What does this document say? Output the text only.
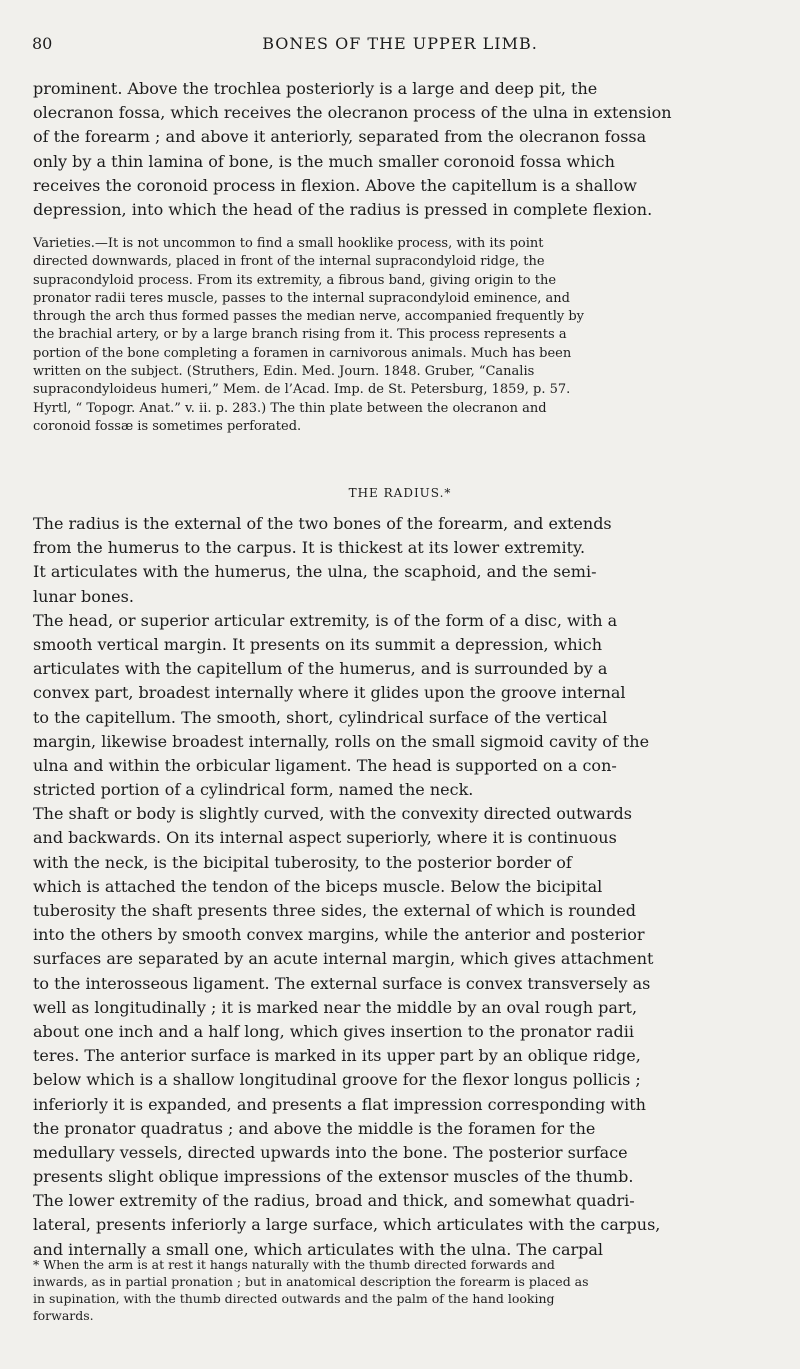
80	BONES OF THE UPPER LIMB.
prominent. Above the trochlea posteriorly is a large and deep pit, the
olecranon fossa, which receives the olecranon process of the ulna in extension
of the forearm ; and above it anteriorly, separated from the olecranon fossa
only by a thin lamina of bone, is the much smaller coronoid fossa which
receives the coronoid process in flexion. Above the capitellum is a shallow
depression, into which the head of the radius is pressed in complete flexion.
Varieties.—It is not uncommon to find a small hooklike process, with its point
directed downwards, placed in front of the internal supracondyloid ridge, the
supracondyloid process. From its extremity, a fibrous band, giving origin to the
pronator radii teres muscle, passes to the internal supracondyloid eminence, and
through the arch thus formed passes the median nerve, accompanied frequently by
the brachial artery, or by a large branch rising from it. This process represents a
portion of the bone completing a foramen in carnivorous animals. Much has been
written on the subject. (Struthers, Edin. Med. Journ. 1848. Gruber, “Canalis
supracondyloideus humeri,” Mem. de l’Acad. Imp. de St. Petersburg, 1859, p. 57.
Hyrtl, “ Topogr. Anat.” v. ii. p. 283.) The thin plate between the olecranon and
coronoid fossæ is sometimes perforated.
THE RADIUS.*
The radius is the external of the two bones of the forearm, and extends
from the humerus to the carpus. It is thickest at its lower extremity.
It articulates with the humerus, the ulna, the scaphoid, and the semi-
lunar bones.
The head, or superior articular extremity, is of the form of a disc, with a
smooth vertical margin. It presents on its summit a depression, which
articulates with the capitellum of the humerus, and is surrounded by a
convex part, broadest internally where it glides upon the groove internal
to the capitellum. The smooth, short, cylindrical surface of the vertical
margin, likewise broadest internally, rolls on the small sigmoid cavity of the
ulna and within the orbicular ligament. The head is supported on a con-
stricted portion of a cylindrical form, named the neck.
The shaft or body is slightly curved, with the convexity directed outwards
and backwards. On its internal aspect superiorly, where it is continuous
with the neck, is the bicipital tuberosity, to the posterior border of
which is attached the tendon of the biceps muscle. Below the bicipital
tuberosity the shaft presents three sides, the external of which is rounded
into the others by smooth convex margins, while the anterior and posterior
surfaces are separated by an acute internal margin, which gives attachment
to the interosseous ligament. The external surface is convex transversely as
well as longitudinally ; it is marked near the middle by an oval rough part,
about one inch and a half long, which gives insertion to the pronator radii
teres. The anterior surface is marked in its upper part by an oblique ridge,
below which is a shallow longitudinal groove for the flexor longus pollicis ;
inferiorly it is expanded, and presents a flat impression corresponding with
the pronator quadratus ; and above the middle is the foramen for the
medullary vessels, directed upwards into the bone. The posterior surface
presents slight oblique impressions of the extensor muscles of the thumb.
The lower extremity of the radius, broad and thick, and somewhat quadri-
lateral, presents inferiorly a large surface, which articulates with the carpus,
and internally a small one, which articulates with the ulna. The carpal
* When the arm is at rest it hangs naturally with the thumb directed forwards and
inwards, as in partial pronation ; but in anatomical description the forearm is placed as
in supination, with the thumb directed outwards and the palm of the hand looking
forwards.
